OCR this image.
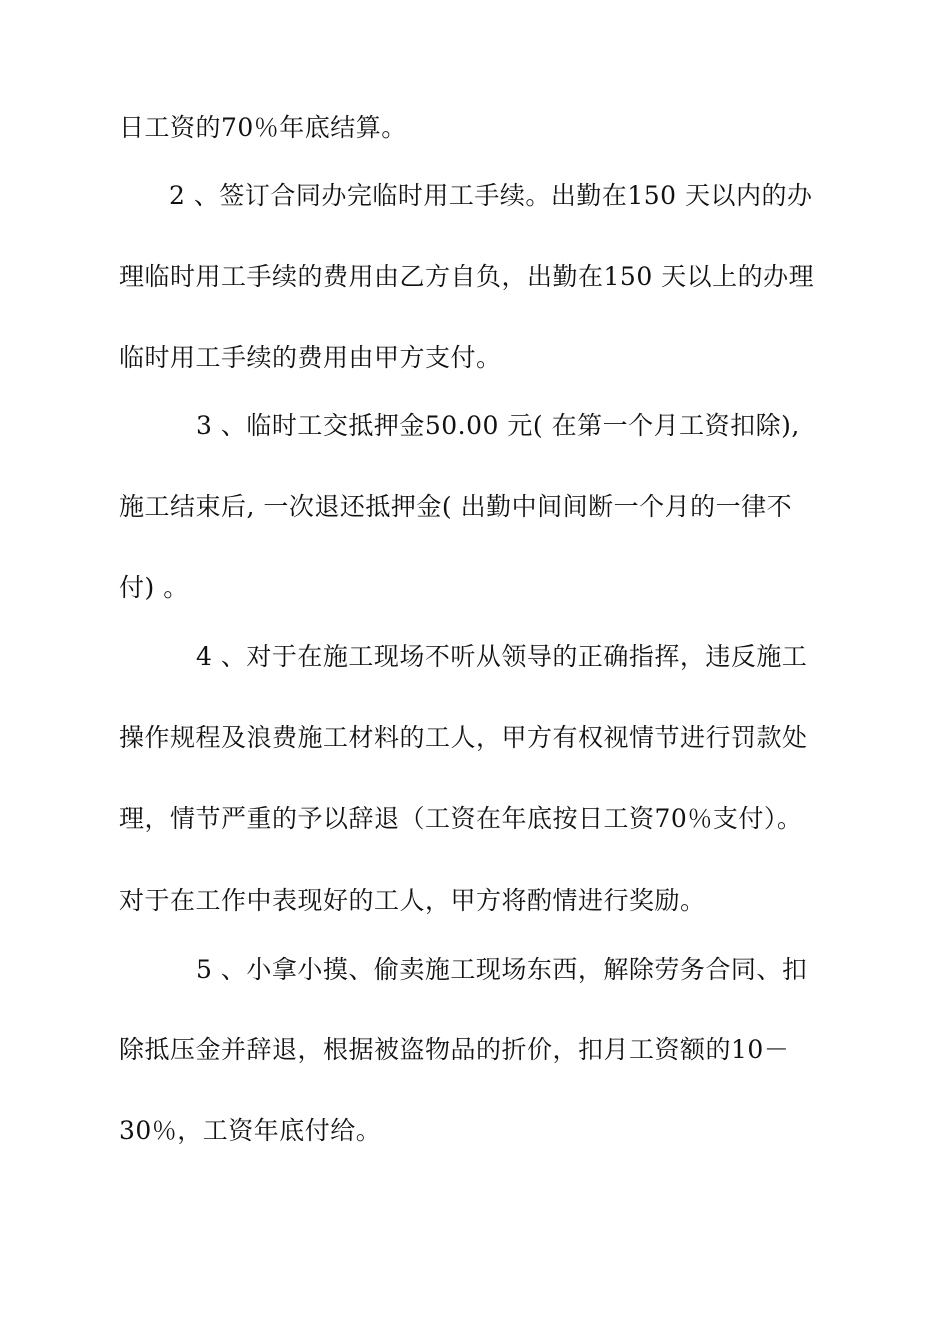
日工资的70％年底结算。
2 、签订合同办完临时用工手续。出勤在150 天以内的办
理临时用工手续的费用由乙方自负，出勤在150 天以上的办理
临时用工手续的费用由甲方支付。
3 、临时工交抵押金50.00 元( 在第一个月工资扣除),
施工结束后, 一次退还抵押金( 出勤中间间断一个月的一律不
付) 。
4 、对于在施工现场不听从领导的正确指挥，违反施工
操作规程及浪费施工材料的工人，甲方有权视情节进行罚款处
理，情节严重的予以辞退（工资在年底按日工资70％支付）。
对于在工作中表现好的工人，甲方将酌情进行奖励。
5 、小拿小摸、偷卖施工现场东西，解除劳务合同、扣
除抵压金并辞退，根据被盗物品的折价，扣月工资额的10－
30％，工资年底付给。
